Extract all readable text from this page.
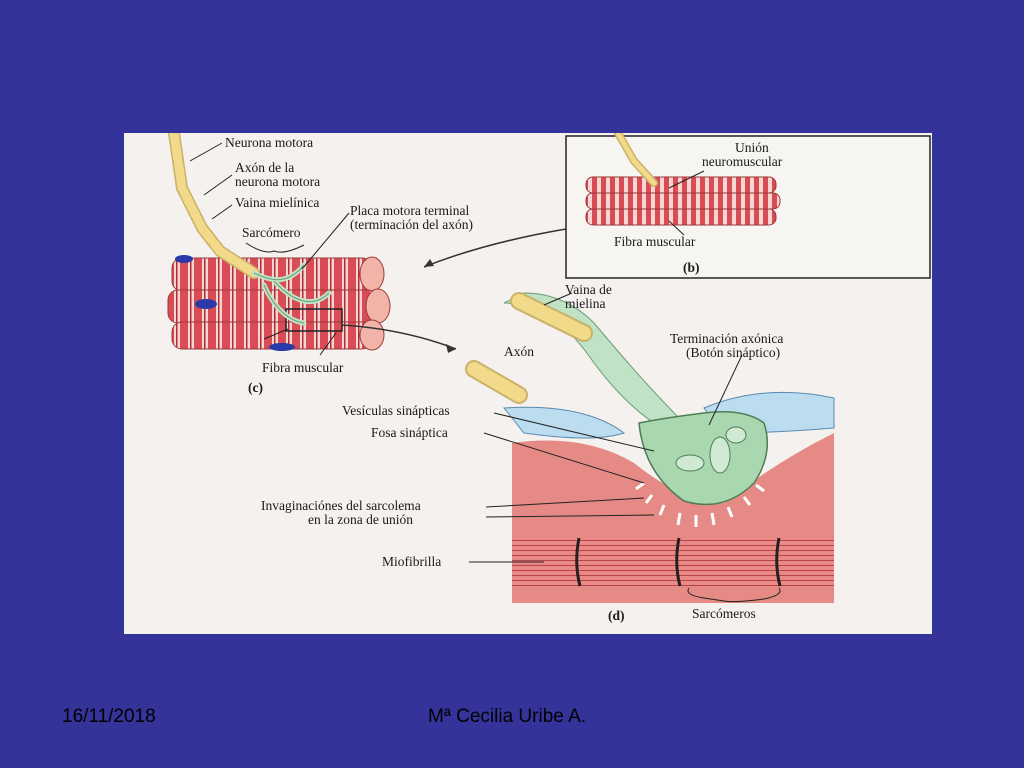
Neurona motora
Axón de la
neurona motora
Vaina mielínica
Placa motora terminal
(terminación del axón)
Sarcómero
Fibra muscular
(c)
Unión
neuromuscular
Fibra muscular
(b)
Vaina de
mielina
Axón
Terminación axónica
(Botón sináptico)
Vesículas sinápticas
Fosa sináptica
Invaginaciónes del sarcolema
en la zona de unión
Miofibrilla
(d)	Sarcómeros
16/11/2018	Mª Cecilia Uribe A.
